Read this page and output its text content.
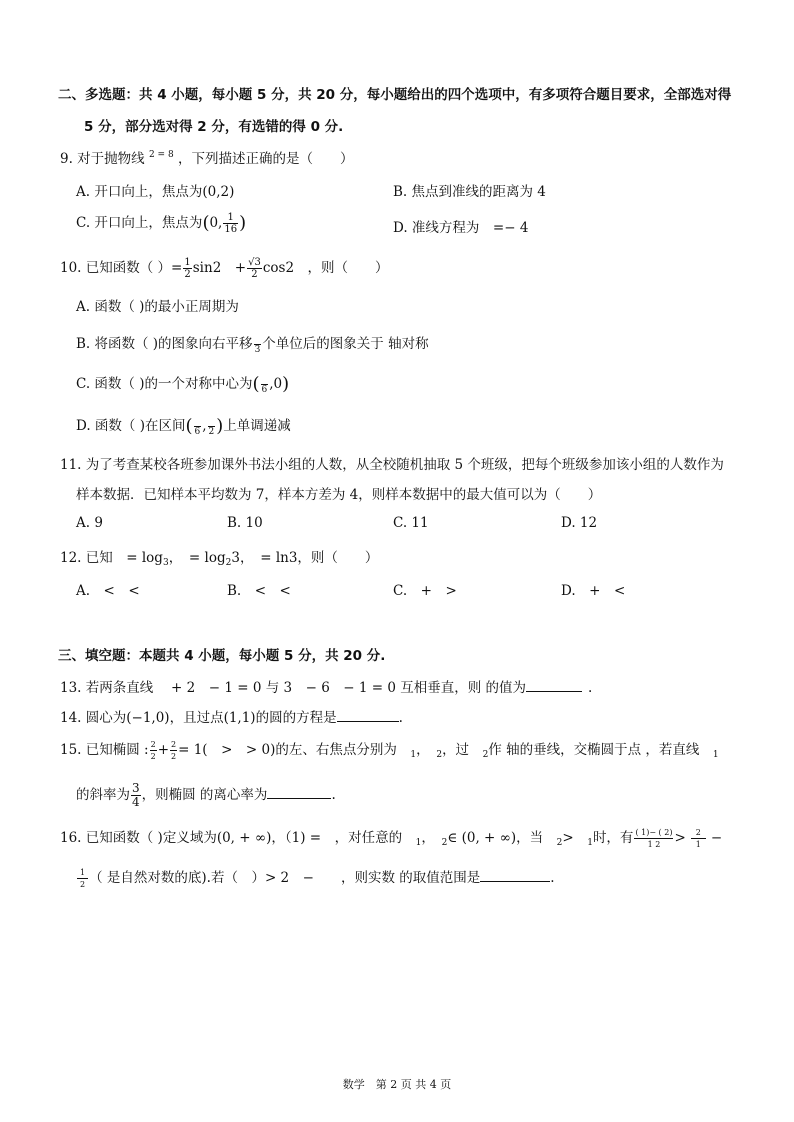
二、多选题：共 4 小题，每小题 5 分，共 20 分，每小题给出的四个选项中，有多项符合题目要求，全部选对得
5 分，部分选对得 2 分，有选错的得 0 分.
9. 对于抛物线 $^{2 = 8}$ ，下列描述正确的是（　　）
A. 开口向上，焦点为(0,2)	B. 焦点到准线的距离为 4
C. 开口向上，焦点为(0, $\frac{1}{16}$ )	D. 准线方程为　=− 4
10. 已知函数（ ）= $\frac{1}{2} \sin 2$　+ $\frac{√3}{2} \cos 2$　，则（　　）
A. 函数（ )的最小正周期为
B. 将函数（ )的图象向右平移 3 个单位后的图象关于 轴对称
C. 函数（ )的一个对称中心为( 6 ,0)
D. 函数（ )在区间( 6 , 2 )上单调递减
11. 为了考查某校各班参加课外书法小组的人数，从全校随机抽取 5 个班级，把每个班级参加该小组的人数作为
样本数据．已知样本平均数为 7，样本方差为 4，则样本数据中的最大值可以为（　　）
A. 9	B. 10	C. 11	D. 12
12. 已知　= $\log_3$，　= $\log_23$，　= ln3，则（　　）
A.　<　<	B.　<　<	C.　+　>	D.　+　<
三、填空题：本题共 4 小题，每小题 5 分，共 20 分.
13. 若两条直线　 + 2　− 1 = 0 与 3　− 6　− 1 = 0 互相垂直，则 的值为	.
14. 圆心为(−1,0)，且过点(1,1)的圆的方程是	.
15. 已知椭圆 : $\frac{2}{2} + \frac{2}{2} = 1$(　>　> 0)的左、右焦点分别为　 $_1$，　 $_2$，过　 $_2$作 轴的垂线，交椭圆于点 ，若直线　 $_1$
的斜率为 $\frac{3}{4}$ ，则椭圆 的离心率为	.
16. 已知函数（ )定义域为(0, + ∞)，（1) =　，对任意的　 $_1$，　 $_2$∈ (0, + ∞)，当　 $_2$>　 $_1$时，有 $\frac{( 1)- ( 2)}{1 2} > \frac{2}{1}$ −
$\frac{1}{2}$ （ 是自然对数的底).若（　）> 2　−　　，则实数 的取值范围是	.
数学　第 2 页 共 4 页
